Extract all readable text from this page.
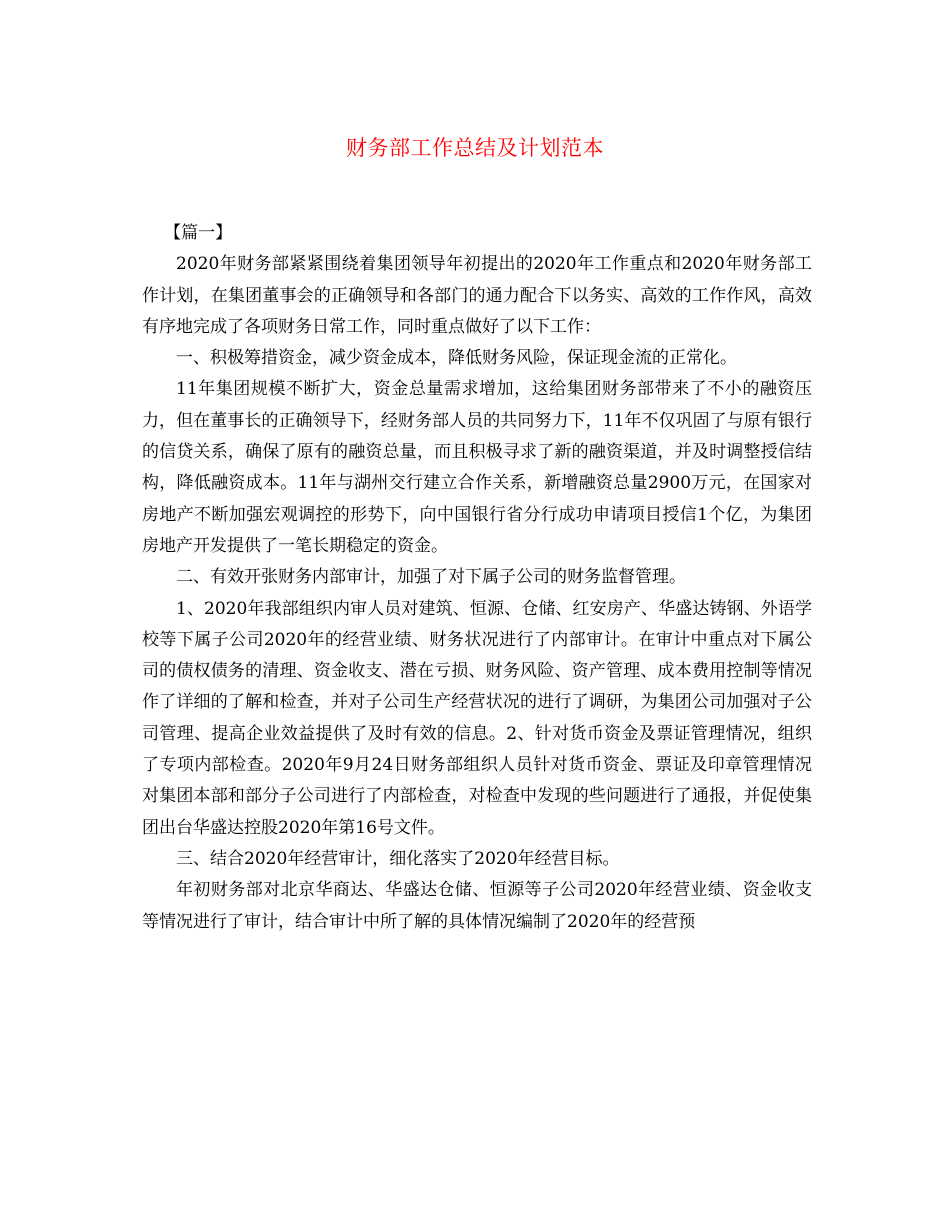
财务部工作总结及计划范本

【篇一】

2020年财务部紧紧围绕着集团领导年初提出的2020年工作重点和2020年财务部工作计划，在集团董事会的正确领导和各部门的通力配合下以务实、高效的工作作风，高效有序地完成了各项财务日常工作，同时重点做好了以下工作：

一、积极筹措资金，减少资金成本，降低财务风险，保证现金流的正常化。

11年集团规模不断扩大，资金总量需求增加，这给集团财务部带来了不小的融资压力，但在董事长的正确领导下，经财务部人员的共同努力下，11年不仅巩固了与原有银行的信贷关系，确保了原有的融资总量，而且积极寻求了新的融资渠道，并及时调整授信结构，降低融资成本。11年与湖州交行建立合作关系，新增融资总量2900万元，在国家对房地产不断加强宏观调控的形势下，向中国银行省分行成功申请项目授信1个亿，为集团房地产开发提供了一笔长期稳定的资金。

二、有效开张财务内部审计，加强了对下属子公司的财务监督管理。

1、2020年我部组织内审人员对建筑、恒源、仓储、红安房产、华盛达铸钢、外语学校等下属子公司2020年的经营业绩、财务状况进行了内部审计。在审计中重点对下属公司的债权债务的清理、资金收支、潜在亏损、财务风险、资产管理、成本费用控制等情况作了详细的了解和检查，并对子公司生产经营状况的进行了调研，为集团公司加强对子公司管理、提高企业效益提供了及时有效的信息。2、针对货币资金及票证管理情况，组织了专项内部检查。2020年9月24日财务部组织人员针对货币资金、票证及印章管理情况对集团本部和部分子公司进行了内部检查，对检查中发现的些问题进行了通报，并促使集团出台华盛达控股2020年第16号文件。

三、结合2020年经营审计，细化落实了2020年经营目标。

年初财务部对北京华商达、华盛达仓储、恒源等子公司2020年经营业绩、资金收支等情况进行了审计，结合审计中所了解的具体情况编制了2020年的经营预
